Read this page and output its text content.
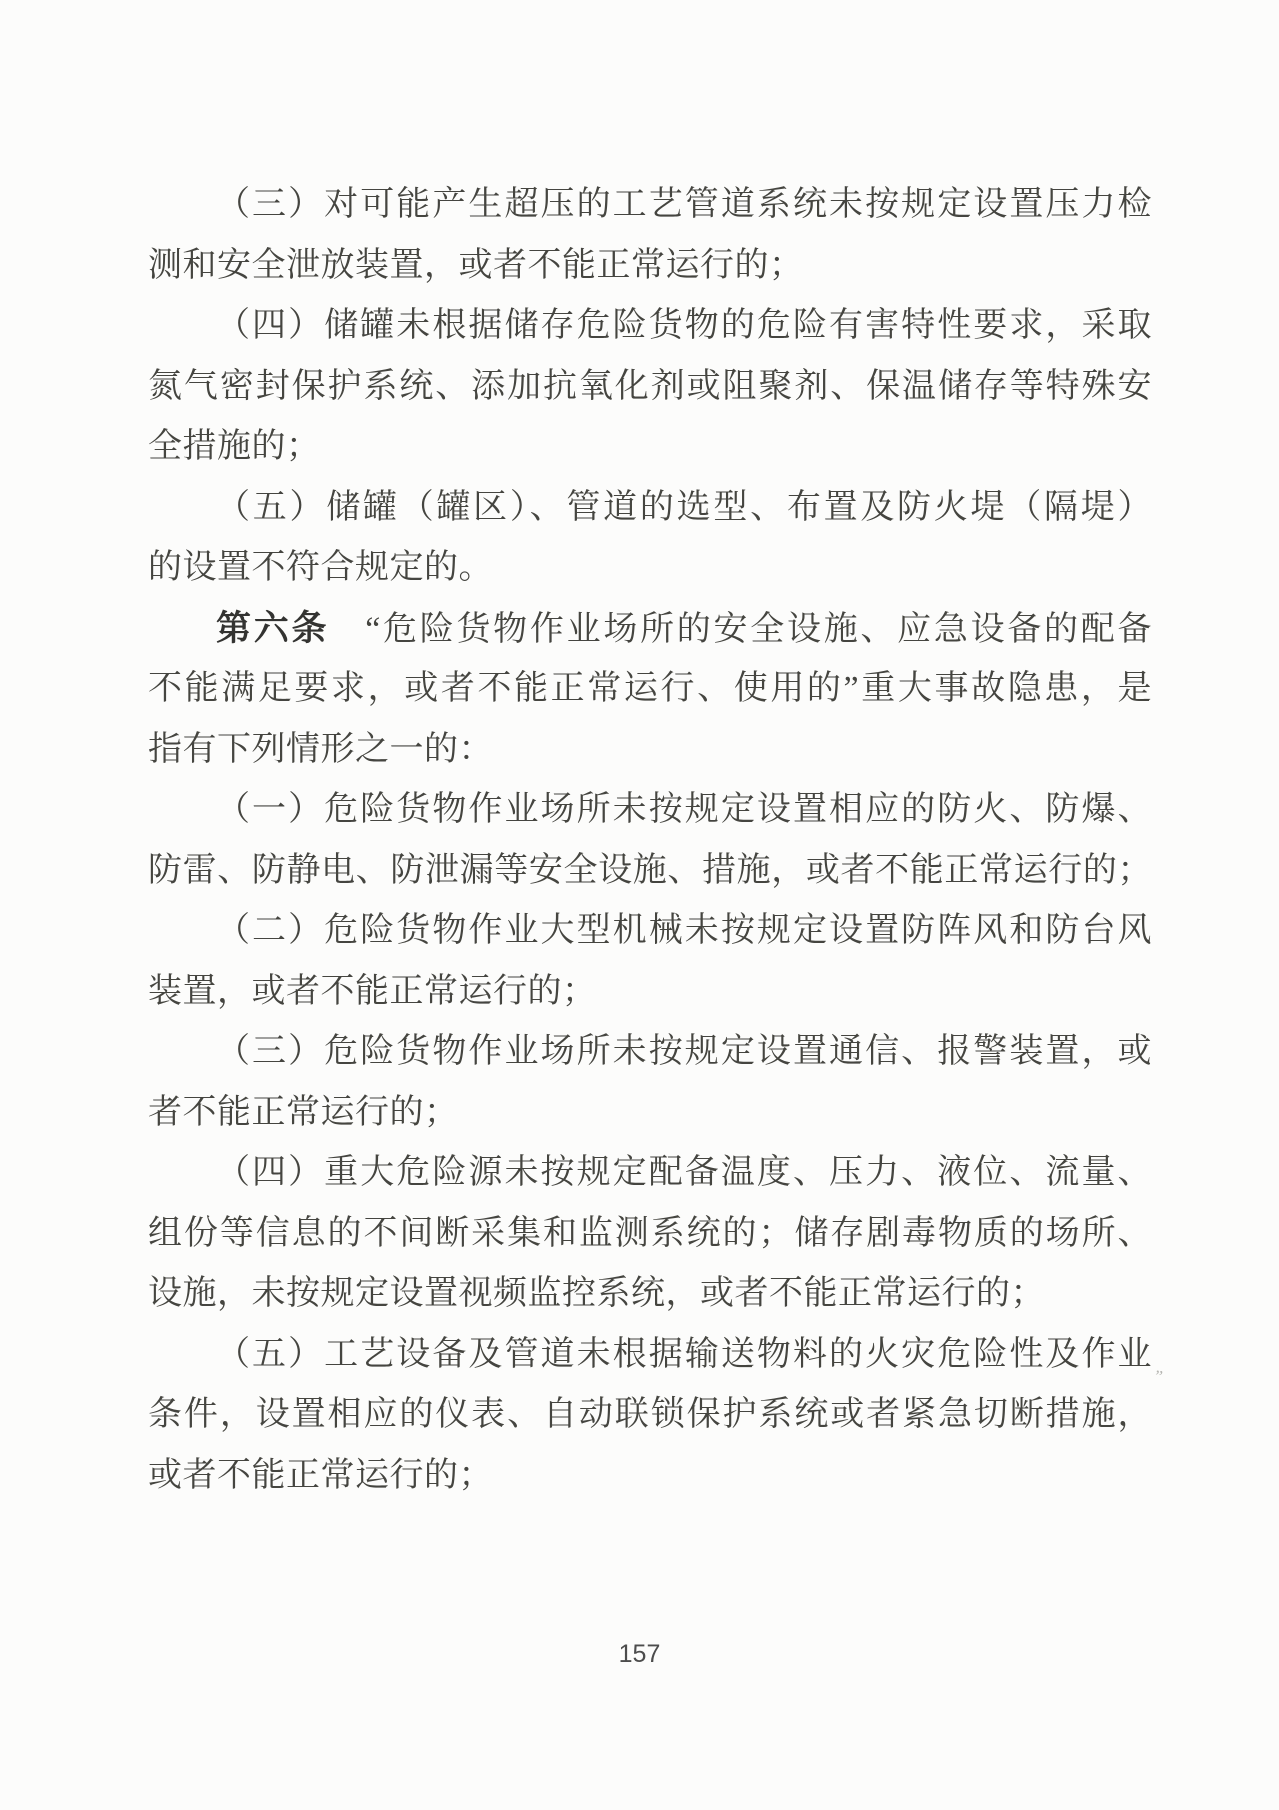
（三）对可能产生超压的工艺管道系统未按规定设置压力检
测和安全泄放装置，或者不能正常运行的；
（四）储罐未根据储存危险货物的危险有害特性要求，采取
氮气密封保护系统、添加抗氧化剂或阻聚剂、保温储存等特殊安
全措施的；
（五）储罐（罐区）、管道的选型、布置及防火堤（隔堤）
的设置不符合规定的。
第六条 “危险货物作业场所的安全设施、应急设备的配备
不能满足要求，或者不能正常运行、使用的”重大事故隐患，是
指有下列情形之一的：
（一）危险货物作业场所未按规定设置相应的防火、防爆、
防雷、防静电、防泄漏等安全设施、措施，或者不能正常运行的；
（二）危险货物作业大型机械未按规定设置防阵风和防台风
装置，或者不能正常运行的；
（三）危险货物作业场所未按规定设置通信、报警装置，或
者不能正常运行的；
（四）重大危险源未按规定配备温度、压力、液位、流量、
组份等信息的不间断采集和监测系统的；储存剧毒物质的场所、
设施，未按规定设置视频监控系统，或者不能正常运行的；
（五）工艺设备及管道未根据输送物料的火灾危险性及作业
条件，设置相应的仪表、自动联锁保护系统或者紧急切断措施，
或者不能正常运行的；
”
157
